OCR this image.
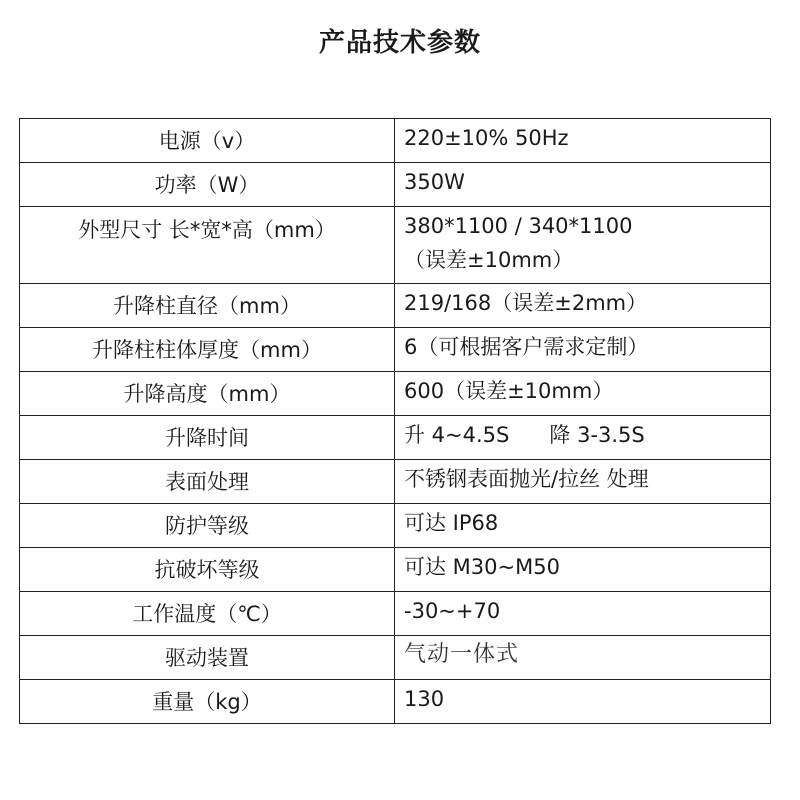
产品技术参数
电源（v）	220±10% 50Hz

功率（W）	350W

外型尺寸 长*宽*高（mm）	380*1100 / 340*1100
（误差±10mm）

升降柱直径（mm）	219/168（误差±2mm）

升降柱柱体厚度（mm）	6（可根据客户需求定制）

升降高度（mm）	600（误差±10mm）

升降时间	升 4~4.5S      降 3-3.5S

表面处理	不锈钢表面抛光/拉丝 处理

防护等级	可达 IP68

抗破坏等级	可达 M30~M50

工作温度（℃）	-30~+70

驱动装置	气动一体式

重量（kg）	130
